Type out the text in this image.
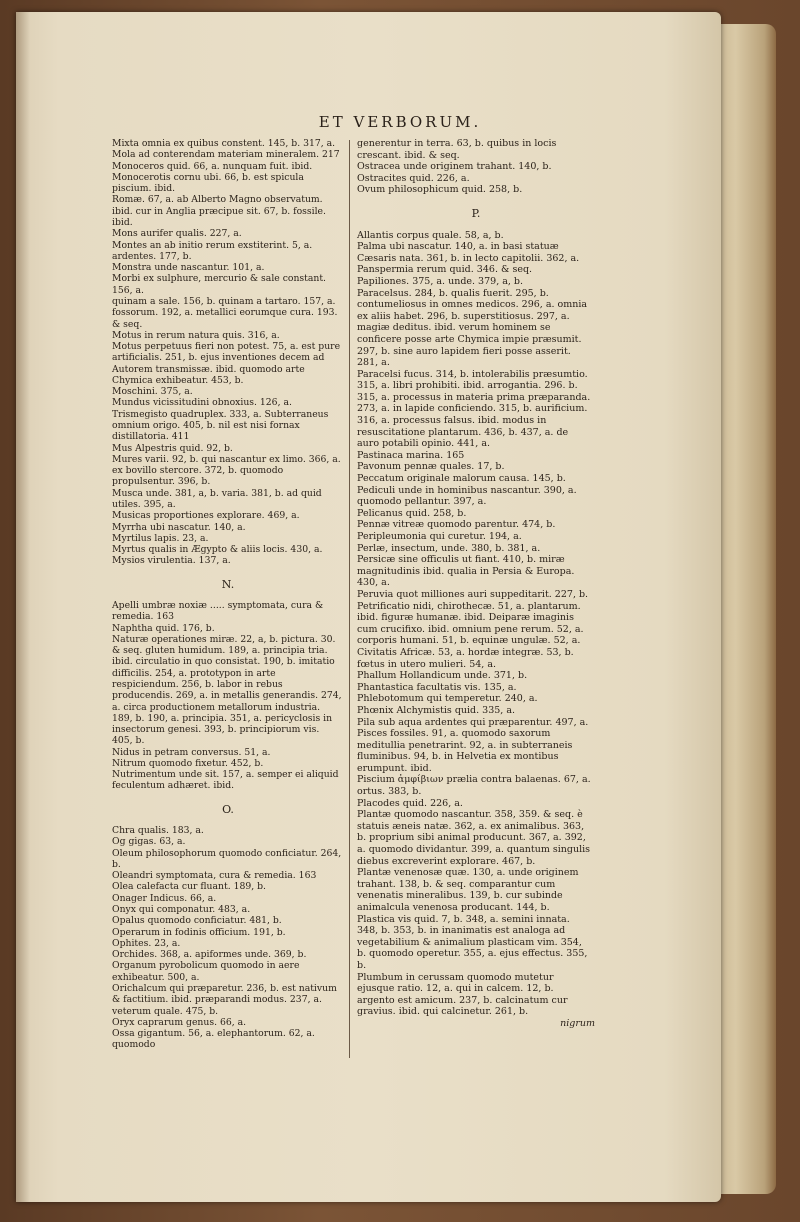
ET VERBORUM.
Mixta omnia ex quibus constent. 145, b. 317, a.
Mola ad conterendam materiam mineralem. 217
Monoceros quid. 66, a. nunquam fuit. ibid.
Monocerotis cornu ubi. 66, b. est spicula piscium. ibid.
Romæ. 67, a. ab Alberto Magno observatum.
ibid. cur in Anglia præcipue sit. 67, b. fossile. ibid.
Mons aurifer qualis. 227, a.
Montes an ab initio rerum exstiterint. 5, a. ardentes. 177, b.
Monstra unde nascantur. 101, a.
Morbi ex sulphure, mercurio & sale constant. 156, a.
quinam a sale. 156, b. quinam a tartaro. 157, a. fossorum. 192, a. metallici eorumque cura. 193. & seq.
Motus in rerum natura quis. 316, a.
Motus perpetuus fieri non potest. 75, a. est pure artificialis. 251, b. ejus inventiones decem ad Autorem transmissæ. ibid. quomodo arte Chymica exhibeatur. 453, b.
Moschini. 375, a.
Mundus vicissitudini obnoxius. 126, a. Trismegisto quadruplex. 333, a. Subterraneus omnium origo. 405, b. nil est nisi fornax distillatoria. 411
Mus Alpestris quid. 92, b.
Mures varii. 92, b. qui nascantur ex limo. 366, a. ex bovillo stercore. 372, b. quomodo propulsentur. 396, b.
Musca unde. 381, a, b. varia. 381, b. ad quid utiles. 395, a.
Musicas proportiones explorare. 469, a.
Myrrha ubi nascatur. 140, a.
Myrtilus lapis. 23, a.
Myrtus qualis in Ægypto & aliis locis. 430, a.
Mysios virulentia. 137, a.
N.
Apelli umbræ noxiæ ..... symptomata, cura & remedia. 163
Naphtha quid. 176, b.
Naturæ operationes miræ. 22, a, b. pictura. 30. & seq. gluten humidum. 189, a. principia tria. ibid. circulatio in quo consistat. 190, b. imitatio difficilis. 254, a. prototypon in arte respiciendum. 256, b. labor in rebus producendis. 269, a. in metallis generandis. 274, a. circa productionem metallorum industria. 189, b. 190, a. principia. 351, a. pericyclosis in insectorum genesi. 393, b. principiorum vis. 405, b.
Nidus in petram conversus. 51, a.
Nitrum quomodo fixetur. 452, b.
Nutrimentum unde sit. 157, a. semper ei aliquid feculentum adhæret. ibid.
O.
Chra qualis. 183, a.
Og gigas. 63, a.
Oleum philosophorum quomodo conficiatur. 264, b.
Oleandri symptomata, cura & remedia. 163
Olea calefacta cur fluant. 189, b.
Onager Indicus. 66, a.
Onyx qui componatur. 483, a.
Opalus quomodo conficiatur. 481, b.
Operarum in fodinis officium. 191, b.
Ophites. 23, a.
Orchides. 368, a. apiformes unde. 369, b.
Organum pyrobolicum quomodo in aere exhibeatur. 500, a.
Orichalcum qui præparetur. 236, b. est nativum & factitium. ibid. præparandi modus. 237, a. veterum quale. 475, b.
Oryx caprarum genus. 66, a.
Ossa gigantum. 56, a. elephantorum. 62, a. quomodo
generentur in terra. 63, b. quibus in locis crescant. ibid. & seq.
Ostracea unde originem trahant. 140, b.
Ostracites quid. 226, a.
Ovum philosophicum quid. 258, b.
P.
Allantis corpus quale. 58, a, b.
Palma ubi nascatur. 140, a. in basi statuæ Cæsaris nata. 361, b. in lecto capitolii. 362, a.
Panspermia rerum quid. 346. & seq.
Papiliones. 375, a. unde. 379, a, b.
Paracelsus. 284, b. qualis fuerit. 295, b. contumeliosus in omnes medicos. 296, a. omnia ex aliis habet. 296, b. superstitiosus. 297, a. magiæ deditus. ibid. verum hominem se conficere posse arte Chymica impie præsumit. 297, b. sine auro lapidem fieri posse asserit. 281, a.
Paracelsi fucus. 314, b. intolerabilis præsumtio. 315, a. libri prohibiti. ibid. arrogantia. 296. b. 315, a. processus in materia prima præparanda. 273, a. in lapide conficiendo. 315, b. aurificium. 316, a. processus falsus. ibid. modus in resuscitatione plantarum. 436, b. 437, a. de auro potabili opinio. 441, a.
Pastinaca marina. 165
Pavonum pennæ quales. 17, b.
Peccatum originale malorum causa. 145, b.
Pediculi unde in hominibus nascantur. 390, a. quomodo pellantur. 397, a.
Pelicanus quid. 258, b.
Pennæ vitreæ quomodo parentur. 474, b.
Peripleumonia qui curetur. 194, a.
Perlæ, insectum, unde. 380, b. 381, a.
Persicæ sine officulis ut fiant. 410, b. miræ magnitudinis ibid. qualia in Persia & Europa. 430, a.
Peruvia quot milliones auri suppeditarit. 227, b.
Petrificatio nidi, chirothecæ. 51, a. plantarum. ibid. figuræ humanæ. ibid. Deiparæ imaginis cum crucifixo. ibid. omnium pene rerum. 52, a. corporis humani. 51, b. equinæ ungulæ. 52, a. Civitatis Africæ. 53, a. hordæ integræ. 53, b. fœtus in utero mulieri. 54, a.
Phallum Hollandicum unde. 371, b.
Phantastica facultatis vis. 135, a.
Phlebotomum qui temperetur. 240, a.
Phœnix Alchymistis quid. 335, a.
Pila sub aqua ardentes qui præparentur. 497, a.
Pisces fossiles. 91, a. quomodo saxorum meditullia penetrarint. 92, a. in subterraneis fluminibus. 94, b. in Helvetia ex montibus erumpunt. ibid.
Piscium ἀμφίβιων prælia contra balaenas. 67, a. ortus. 383, b.
Placodes quid. 226, a.
Plantæ quomodo nascantur. 358, 359. & seq. è statuis æneis natæ. 362, a. ex animalibus. 363, b. proprium sibi animal producunt. 367, a. 392, a. quomodo dividantur. 399, a. quantum singulis diebus excreverint explorare. 467, b.
Plantæ venenosæ quæ. 130, a. unde originem trahant. 138, b. & seq. comparantur cum venenatis mineralibus. 139, b. cur subinde animalcula venenosa producant. 144, b.
Plastica vis quid. 7, b. 348, a. semini innata. 348, b. 353, b. in inanimatis est analoga ad vegetabilium & animalium plasticam vim. 354, b. quomodo operetur. 355, a. ejus effectus. 355, b.
Plumbum in cerussam quomodo mutetur ejusque ratio. 12, a. qui in calcem. 12, b. argento est amicum. 237, b. calcinatum cur gravius. ibid. qui calcinetur. 261, b.
nigrum
